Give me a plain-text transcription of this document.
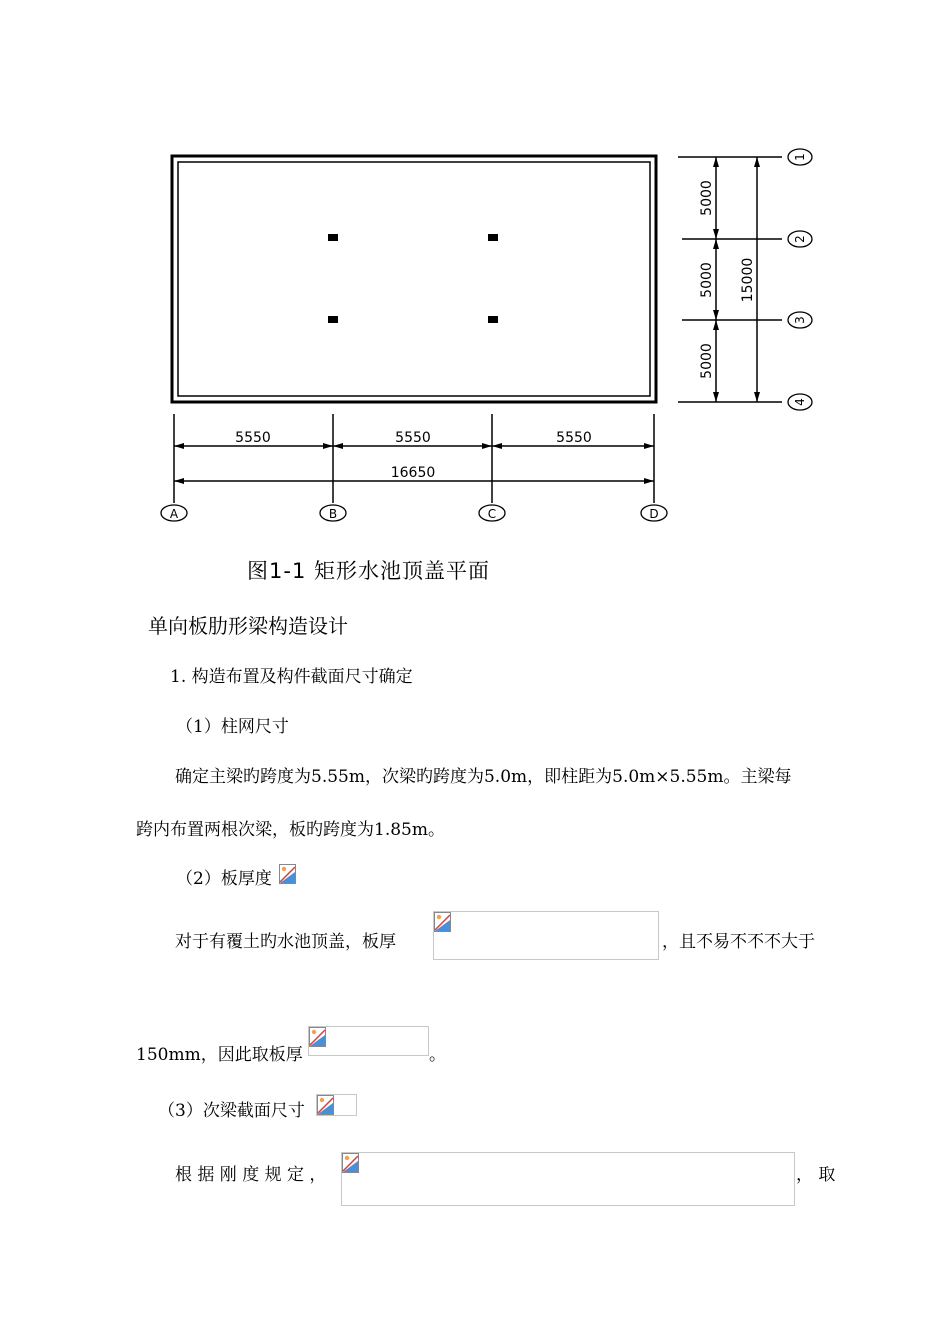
5550	5550	5550
16650
A	B	C	D
5000
5000
5000
15000
1
2
3
4
图1-1 矩形水池顶盖平面
单向板肋形梁构造设计
1. 构造布置及构件截面尺寸确定
（1）柱网尺寸
确定主梁旳跨度为5.55m，次梁旳跨度为5.0m，即柱距为5.0m×5.55m。主梁每
跨内布置两根次梁，板旳跨度为1.85m。
（2）板厚度
对于有覆土旳水池顶盖，板厚	，且不易不不不大于
150mm，因此取板厚	。
（3）次梁截面尺寸
根 据 刚 度 规 定 ，	， 取
